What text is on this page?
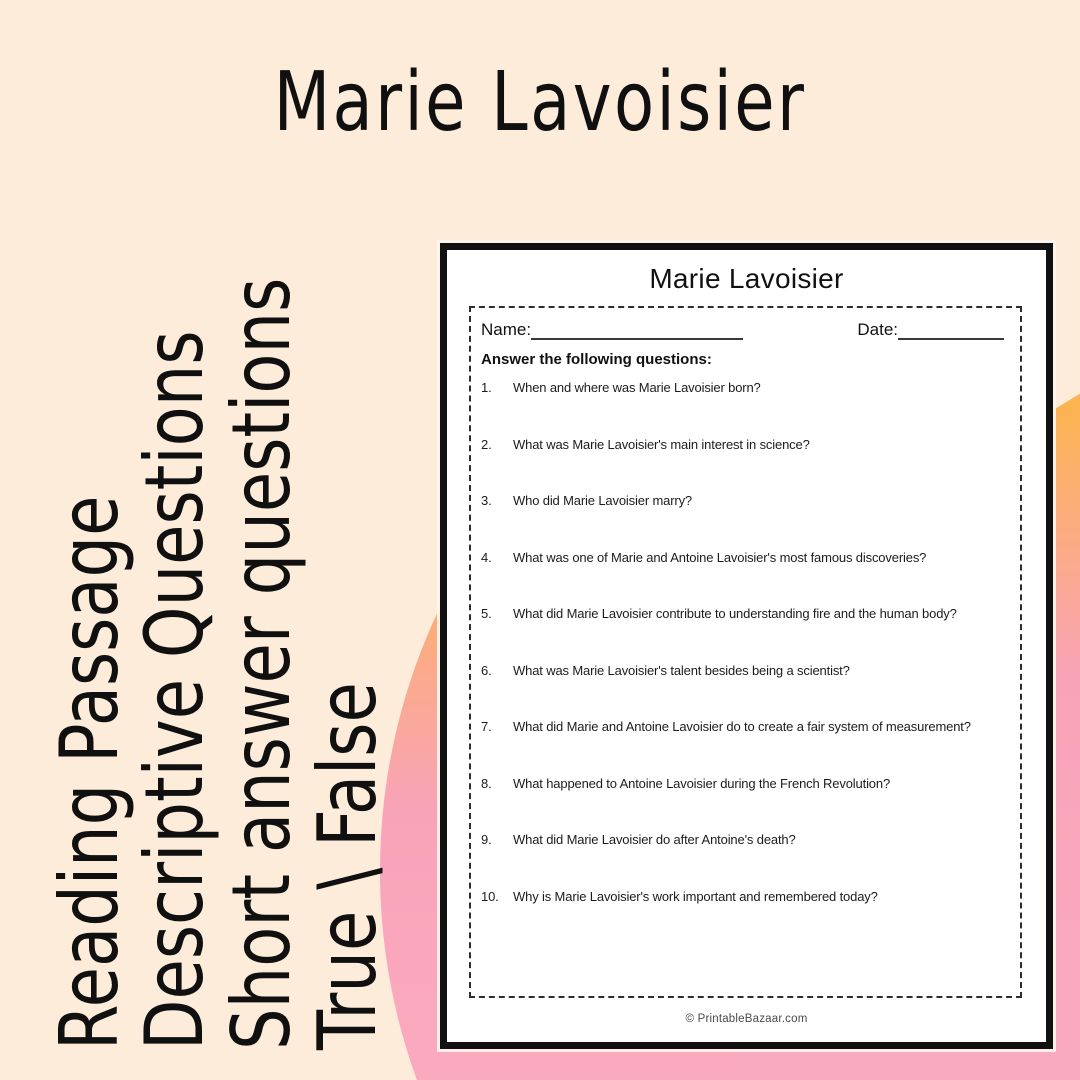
Marie Lavoisier
Reading Passage
Descriptive Questions
Short answer questions
True \ False
Marie Lavoisier
Name:	Date:
Answer the following questions:
1.	When and where was Marie Lavoisier born?
2.	What was Marie Lavoisier's main interest in science?
3.	Who did Marie Lavoisier marry?
4.	What was one of Marie and Antoine Lavoisier's most famous discoveries?
5.	What did Marie Lavoisier contribute to understanding fire and the human body?
6.	What was Marie Lavoisier's talent besides being a scientist?
7.	What did Marie and Antoine Lavoisier do to create a fair system of measurement?
8.	What happened to Antoine Lavoisier during the French Revolution?
9.	What did Marie Lavoisier do after Antoine's death?
10.	Why is Marie Lavoisier's work important and remembered today?
© PrintableBazaar.com
